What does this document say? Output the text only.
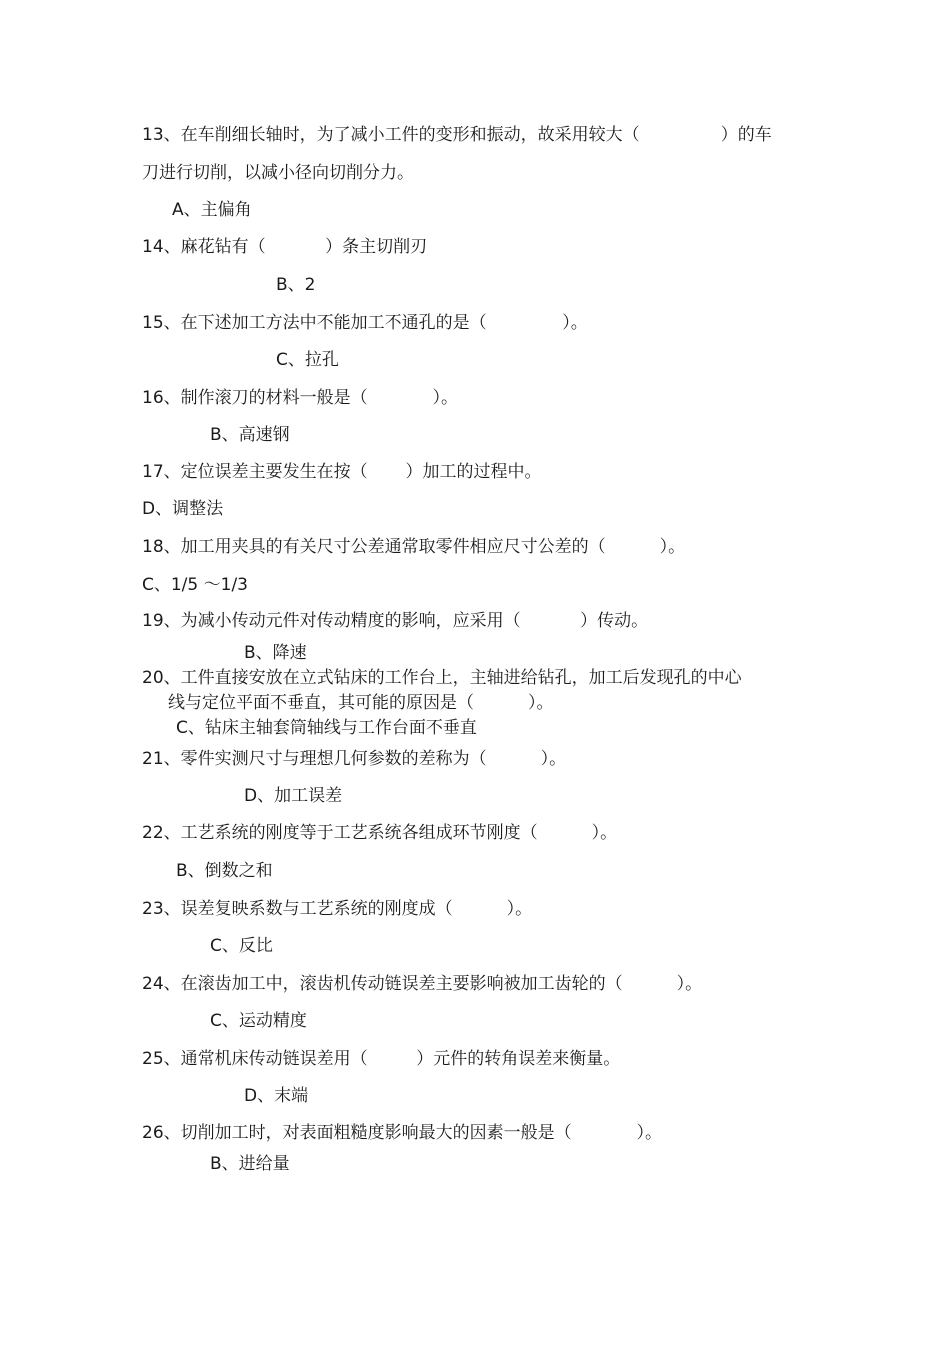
13、在车削细长轴时，为了减小工件的变形和振动，故采用较大（               ）的车
刀进行切削，以减小径向切削分力。
A、主偏角
14、麻花钻有（           ）条主切削刃
B、2
15、在下述加工方法中不能加工不通孔的是（              ）。
C、拉孔
16、制作滚刀的材料一般是（            ）。
B、高速钢
17、定位误差主要发生在按（       ）加工的过程中。
D、调整法
18、加工用夹具的有关尺寸公差通常取零件相应尺寸公差的（          ）。
C、1/5 ～1/3
19、为减小传动元件对传动精度的影响，应采用（           ）传动。
B、降速
20、工件直接安放在立式钻床的工作台上，主轴进给钻孔，加工后发现孔的中心
线与定位平面不垂直，其可能的原因是（          ）。
C、钻床主轴套筒轴线与工作台面不垂直
21、零件实测尺寸与理想几何参数的差称为（          ）。
D、加工误差
22、工艺系统的刚度等于工艺系统各组成环节刚度（          ）。
B、倒数之和
23、误差复映系数与工艺系统的刚度成（          ）。
C、反比
24、在滚齿加工中，滚齿机传动链误差主要影响被加工齿轮的（          ）。
C、运动精度
25、通常机床传动链误差用（         ）元件的转角误差来衡量。
D、末端
26、切削加工时，对表面粗糙度影响最大的因素一般是（            ）。
B、进给量
